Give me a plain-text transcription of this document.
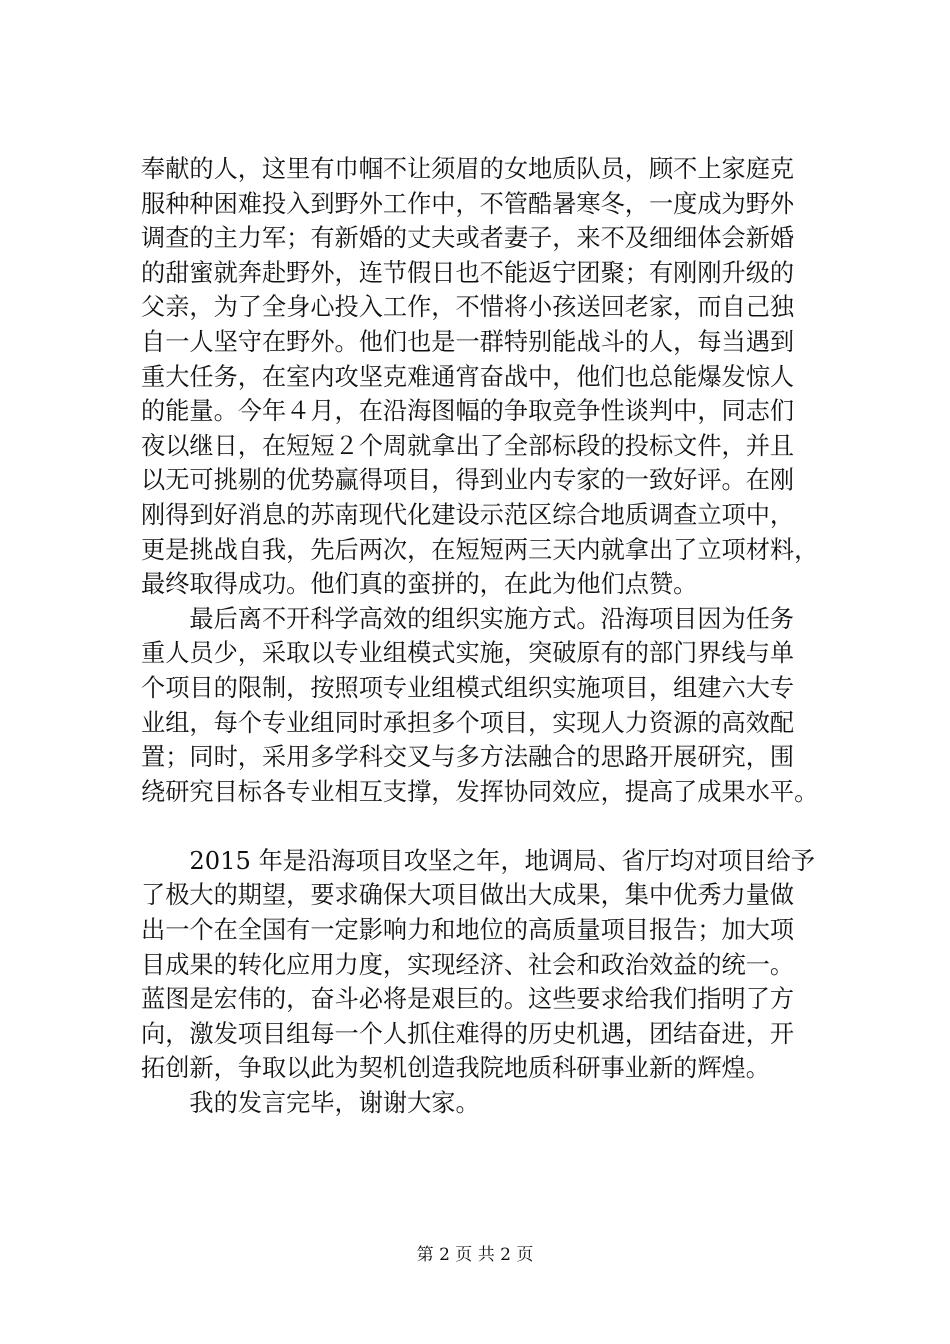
奉献的人，这里有巾帼不让须眉的女地质队员，顾不上家庭克
服种种困难投入到野外工作中，不管酷暑寒冬，一度成为野外
调查的主力军；有新婚的丈夫或者妻子，来不及细细体会新婚
的甜蜜就奔赴野外，连节假日也不能返宁团聚；有刚刚升级的
父亲，为了全身心投入工作，不惜将小孩送回老家，而自己独
自一人坚守在野外。他们也是一群特别能战斗的人，每当遇到
重大任务，在室内攻坚克难通宵奋战中，他们也总能爆发惊人
的能量。今年４月，在沿海图幅的争取竞争性谈判中，同志们
夜以继日，在短短２个周就拿出了全部标段的投标文件，并且
以无可挑剔的优势赢得项目，得到业内专家的一致好评。在刚
刚得到好消息的苏南现代化建设示范区综合地质调查立项中，
更是挑战自我，先后两次，在短短两三天内就拿出了立项材料，
最终取得成功。他们真的蛮拼的，在此为他们点赞。
　　最后离不开科学高效的组织实施方式。沿海项目因为任务
重人员少，采取以专业组模式实施，突破原有的部门界线与单
个项目的限制，按照项专业组模式组织实施项目，组建六大专
业组，每个专业组同时承担多个项目，实现人力资源的高效配
置；同时，采用多学科交叉与多方法融合的思路开展研究，围
绕研究目标各专业相互支撑，发挥协同效应，提高了成果水平。
　　2015 年是沿海项目攻坚之年，地调局、省厅均对项目给予
了极大的期望，要求确保大项目做出大成果，集中优秀力量做
出一个在全国有一定影响力和地位的高质量项目报告；加大项
目成果的转化应用力度，实现经济、社会和政治效益的统一。
蓝图是宏伟的，奋斗必将是艰巨的。这些要求给我们指明了方
向，激发项目组每一个人抓住难得的历史机遇，团结奋进，开
拓创新，争取以此为契机创造我院地质科研事业新的辉煌。
　　我的发言完毕，谢谢大家。
第 2 页 共 2 页
